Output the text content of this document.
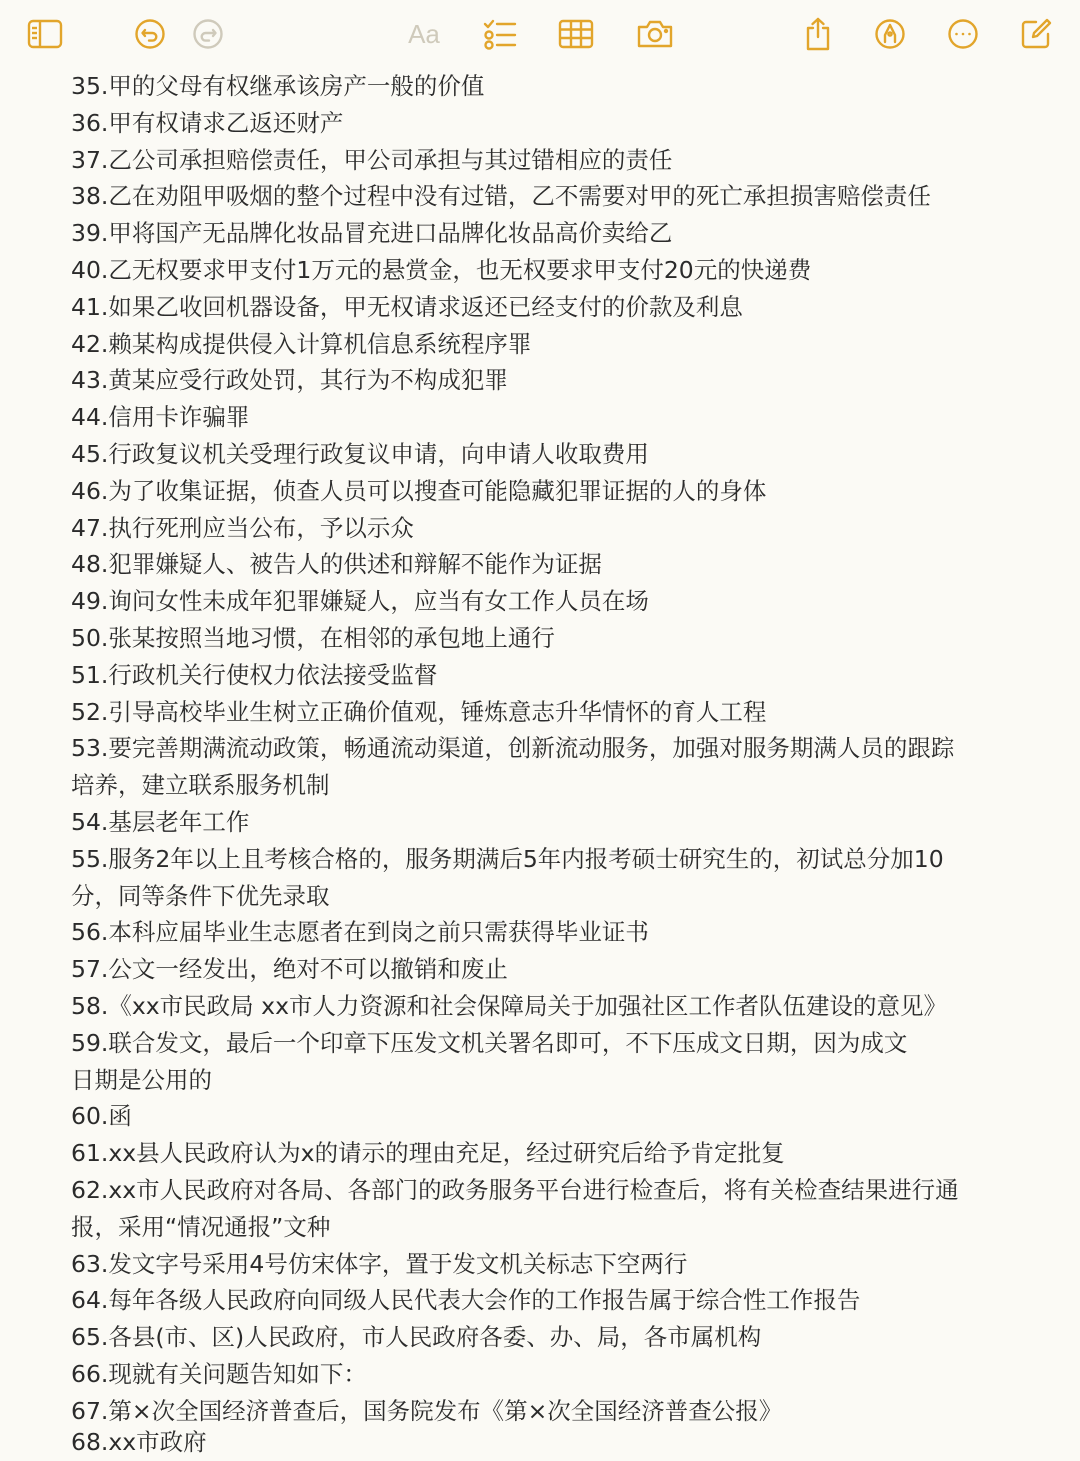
Aa
35.甲的父母有权继承该房产一般的价值
36.甲有权请求乙返还财产
37.乙公司承担赔偿责任，甲公司承担与其过错相应的责任
38.乙在劝阻甲吸烟的整个过程中没有过错，乙不需要对甲的死亡承担损害赔偿责任
39.甲将国产无品牌化妆品冒充进口品牌化妆品高价卖给乙
40.乙无权要求甲支付1万元的悬赏金，也无权要求甲支付20元的快递费
41.如果乙收回机器设备，甲无权请求返还已经支付的价款及利息
42.赖某构成提供侵入计算机信息系统程序罪
43.黄某应受行政处罚，其行为不构成犯罪
44.信用卡诈骗罪
45.行政复议机关受理行政复议申请，向申请人收取费用
46.为了收集证据，侦查人员可以搜查可能隐藏犯罪证据的人的身体
47.执行死刑应当公布，予以示众
48.犯罪嫌疑人、被告人的供述和辩解不能作为证据
49.询问女性未成年犯罪嫌疑人，应当有女工作人员在场
50.张某按照当地习惯，在相邻的承包地上通行
51.行政机关行使权力依法接受监督
52.引导高校毕业生树立正确价值观，锤炼意志升华情怀的育人工程
53.要完善期满流动政策，畅通流动渠道，创新流动服务，加强对服务期满人员的跟踪
培养，建立联系服务机制
54.基层老年工作
55.服务2年以上且考核合格的，服务期满后5年内报考硕士研究生的，初试总分加10
分，同等条件下优先录取
56.本科应届毕业生志愿者在到岗之前只需获得毕业证书
57.公文一经发出，绝对不可以撤销和废止
58.《xx市民政局 xx市人力资源和社会保障局关于加强社区工作者队伍建设的意见》
59.联合发文，最后一个印章下压发文机关署名即可，不下压成文日期，因为成文
日期是公用的
60.函
61.xx县人民政府认为x的请示的理由充足，经过研究后给予肯定批复
62.xx市人民政府对各局、各部门的政务服务平台进行检查后，将有关检查结果进行通
报，采用“情况通报”文种
63.发文字号采用4号仿宋体字，置于发文机关标志下空两行
64.每年各级人民政府向同级人民代表大会作的工作报告属于综合性工作报告
65.各县(市、区)人民政府，市人民政府各委、办、局，各市属机构
66.现就有关问题告知如下：
67.第×次全国经济普查后，国务院发布《第×次全国经济普查公报》
68.xx市政府
